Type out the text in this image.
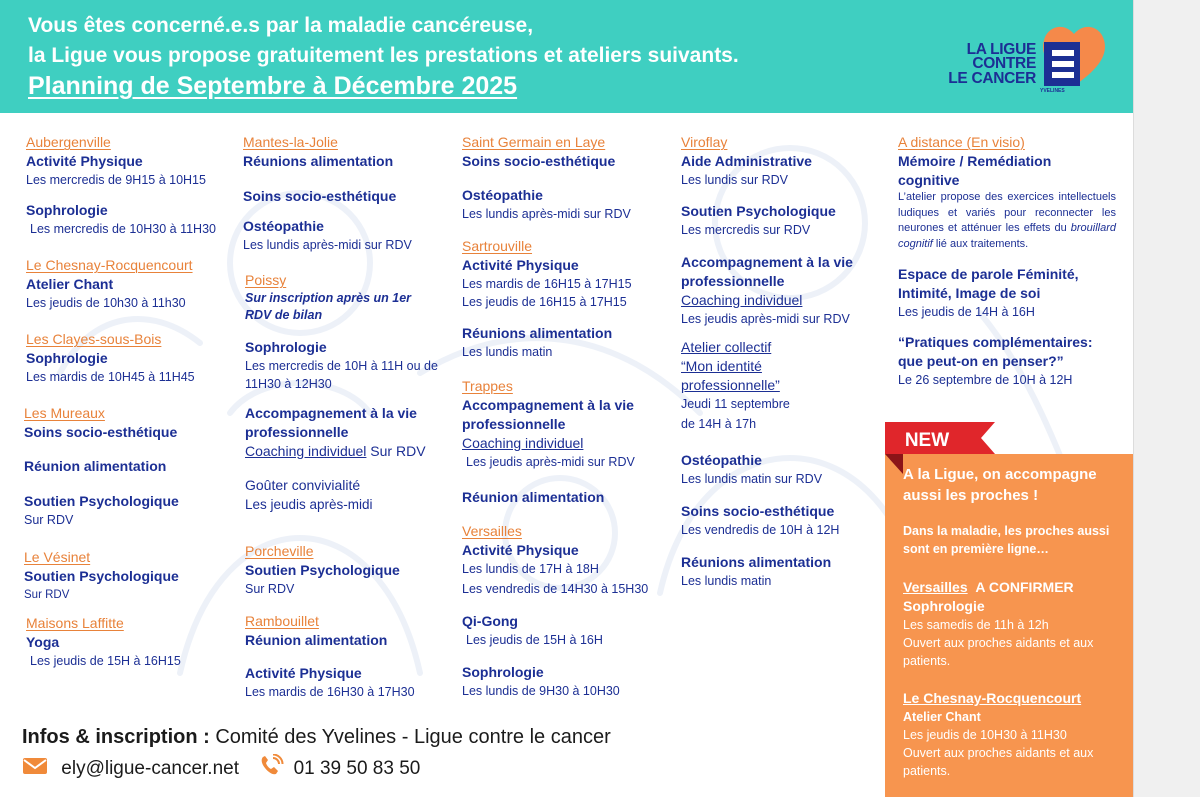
Vous êtes concerné.e.s par la maladie cancéreuse,
la Ligue vous propose gratuitement les prestations et ateliers suivants.
Planning de Septembre à Décembre 2025
LA LIGUE
CONTRE
LE CANCER
YVELINES
Aubergenville
Activité Physique
Les mercredis de 9H15 à 10H15
Sophrologie
Les mercredis de 10H30 à 11H30
Le Chesnay-Rocquencourt
Atelier Chant
Les jeudis de 10h30 à 11h30
Les Clayes-sous-Bois
Sophrologie
Les mardis de 10H45 à 11H45
Les Mureaux
Soins socio-esthétique
Réunion alimentation
Soutien Psychologique
Sur RDV
Le Vésinet
Soutien Psychologique
Sur RDV
Maisons Laffitte
Yoga
Les jeudis de 15H à 16H15
Mantes-la-Jolie
Réunions alimentation
Soins socio-esthétique
Ostéopathie
Les lundis après-midi sur RDV
Poissy
Sur inscription après un 1er RDV de bilan
Sophrologie
Les mercredis de 10H à 11H ou de 11H30 à 12H30
Accompagnement à la vie professionnelle
Coaching individuel Sur RDV
Goûter convivialité
Les jeudis après-midi
Porcheville
Soutien Psychologique
Sur RDV
Rambouillet
Réunion alimentation
Activité Physique
Les mardis de 16H30 à 17H30
Saint Germain en Laye
Soins socio-esthétique
Ostéopathie
Les lundis après-midi sur RDV
Sartrouville
Activité Physique
Les mardis de 16H15 à 17H15
Les jeudis de 16H15 à 17H15
Réunions alimentation
Les lundis matin
Trappes
Accompagnement à la vie professionnelle
Coaching individuel
Les jeudis après-midi sur RDV
Réunion alimentation
Versailles
Activité Physique
Les lundis de 17H à 18H
Les vendredis de 14H30 à 15H30
Qi-Gong
Les jeudis de 15H à 16H
Sophrologie
Les lundis de 9H30 à 10H30
Viroflay
Aide Administrative
Les lundis sur RDV
Soutien Psychologique
Les mercredis sur RDV
Accompagnement à la vie professionnelle
Coaching individuel
Les jeudis après-midi sur RDV
Atelier collectif
“Mon identité
professionnelle”
Jeudi 11 septembre
de 14H à 17h
Ostéopathie
Les lundis matin sur RDV
Soins socio-esthétique
Les vendredis de 10H à 12H
Réunions alimentation
Les lundis matin
A distance (En visio)
Mémoire / Remédiation cognitive
L’atelier propose des exercices intellectuels ludiques et variés pour reconnecter les neurones et atténuer les effets du brouillard cognitif lié aux traitements.
Espace de parole Féminité, Intimité, Image de soi
Les jeudis de 14H à 16H
“Pratiques complémentaires: que peut-on en penser?”
Le 26 septembre de 10H à 12H
A la Ligue, on accompagne aussi les proches !
Dans la maladie, les proches aussi sont en première ligne…
Versailles A CONFIRMER
Sophrologie
Les samedis de 11h à 12h
Ouvert aux proches aidants et aux patients.
Le Chesnay-Rocquencourt
Atelier Chant
Les jeudis de 10H30 à 11H30
Ouvert aux proches aidants et aux patients.
NEW
Infos & inscription : Comité des Yvelines - Ligue contre le cancer
ely@ligue-cancer.net	01 39 50 83 50
